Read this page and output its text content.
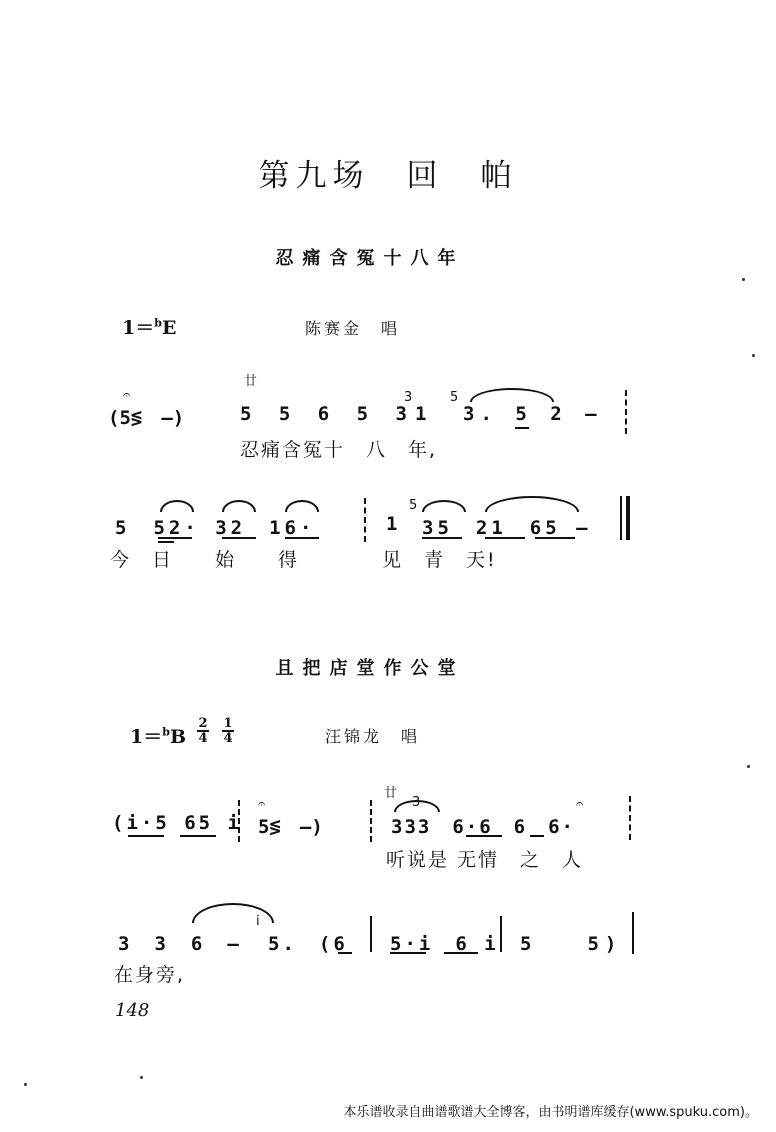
第九场　回　帕
忍痛含冤十八年
1＝$^b$E	陈赛金　唱
廿
(5≶　—)
𝄐
5 5 6 5 3
3
1
5
3. 5 2 —
忍痛含冤十　八　年,
5　52· 32　16·	1
5
35　21　65 —
今　日　　始　　得	见　青　天!
且把店堂作公堂
$1=^bB \frac{2}{4} \frac{1}{4}$	汪锦龙　唱
(i·5 65 i 5≶　—)
𝄐
廿
3
333　6·6　6　6·
𝄐
听说是 无情　之　人
3　3　6　—
i
5.　(6 5·i　6 i 5　　5)
在身旁,
148
本乐谱收录自曲谱歌谱大全博客，由书明谱库缓存(www.spuku.com)。
